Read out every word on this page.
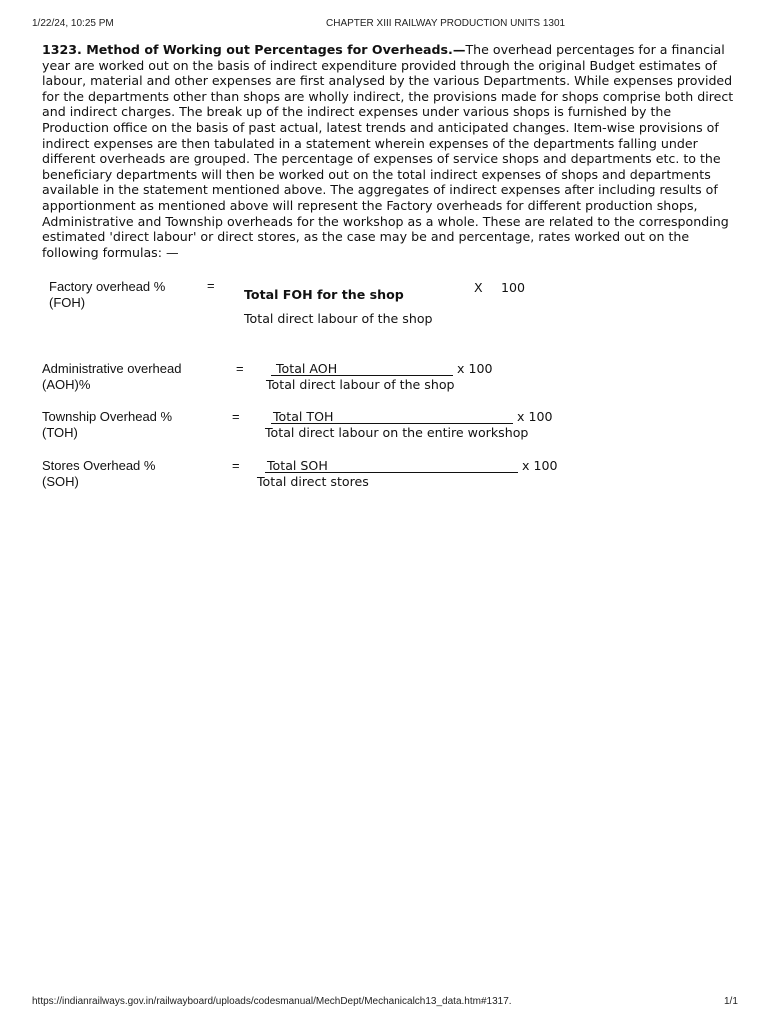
1/22/24, 10:25 PM	CHAPTER XIII RAILWAY PRODUCTION UNITS 1301

1323. Method of Working out Percentages for Overheads.—The overhead percentages for a financial year are worked out on the basis of indirect expenditure provided through the original Budget estimates of labour, material and other expenses are first analysed by the various Departments. While expenses provided for the departments other than shops are wholly indirect, the provisions made for shops comprise both direct and indirect charges. The break up of the indirect expenses under various shops is furnished by the Production office on the basis of past actual, latest trends and anticipated changes. Item-wise provisions of indirect expenses are then tabulated in a statement wherein expenses of the departments falling under different overheads are grouped. The percentage of expenses of service shops and departments etc. to the beneficiary departments will then be worked out on the total indirect expenses of shops and departments available in the statement mentioned above. The aggregates of indirect expenses after including results of apportionment as mentioned above will represent the Factory overheads for different production shops, Administrative and Township overheads for the workshop as a whole. These are related to the corresponding estimated 'direct labour' or direct stores, as the case may be and percentage, rates worked out on the following formulas: —

Factory overhead %
(FOH)
=
Total FOH for the shop
Total direct labour of the shop
X 100
Administrative overhead
(AOH)%
=	Total AOH	x 100
Total direct labour of the shop
Township Overhead %
(TOH)
=	Total TOH	x 100
Total direct labour on the entire workshop
Stores Overhead %
(SOH)
= Total SOH	x 100
Total direct stores
https://indianrailways.gov.in/railwayboard/uploads/codesmanual/MechDept/Mechanicalch13_data.htm#1317.	1/1
